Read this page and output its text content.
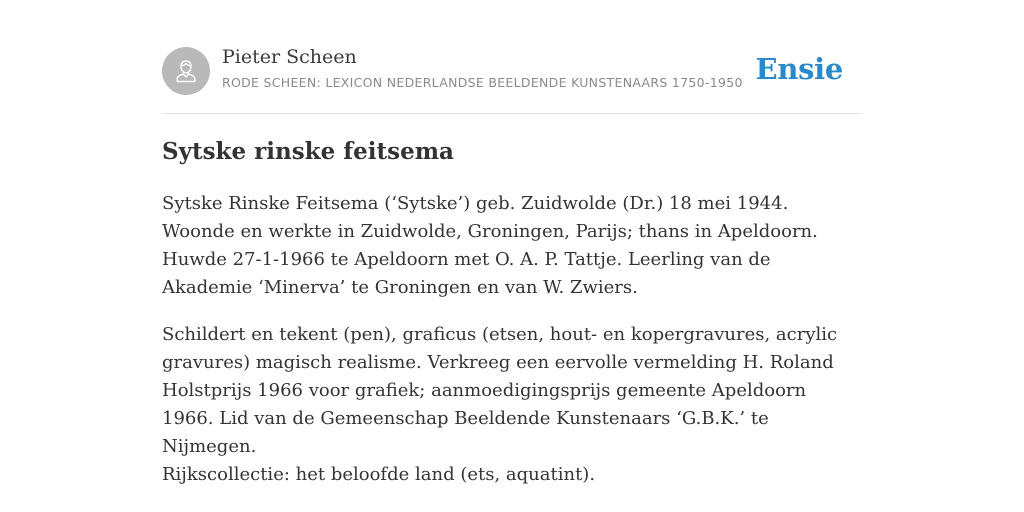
Pieter Scheen
RODE SCHEEN: LEXICON NEDERLANDSE BEELDENDE KUNSTENAARS 1750-1950 Ensie
Sytske rinske feitsema

Sytske Rinske Feitsema (‘Sytske’) geb. Zuidwolde (Dr.) 18 mei 1944. Woonde en werkte in Zuidwolde, Groningen, Parijs; thans in Apeldoorn. Huwde 27-1-1966 te Apeldoorn met O. A. P. Tattje. Leerling van de Akademie ‘Minerva’ te Groningen en van W. Zwiers.

Schildert en tekent (pen), graficus (etsen, hout- en kopergravures, acrylic gravures) magisch realisme. Verkreeg een eervolle vermelding H. Roland Holstprijs 1966 voor grafiek; aanmoedigingsprijs gemeente Apeldoorn 1966. Lid van de Gemeenschap Beeldende Kunstenaars ‘G.B.K.’ te Nijmegen.

Rijkscollectie: het beloofde land (ets, aquatint).
